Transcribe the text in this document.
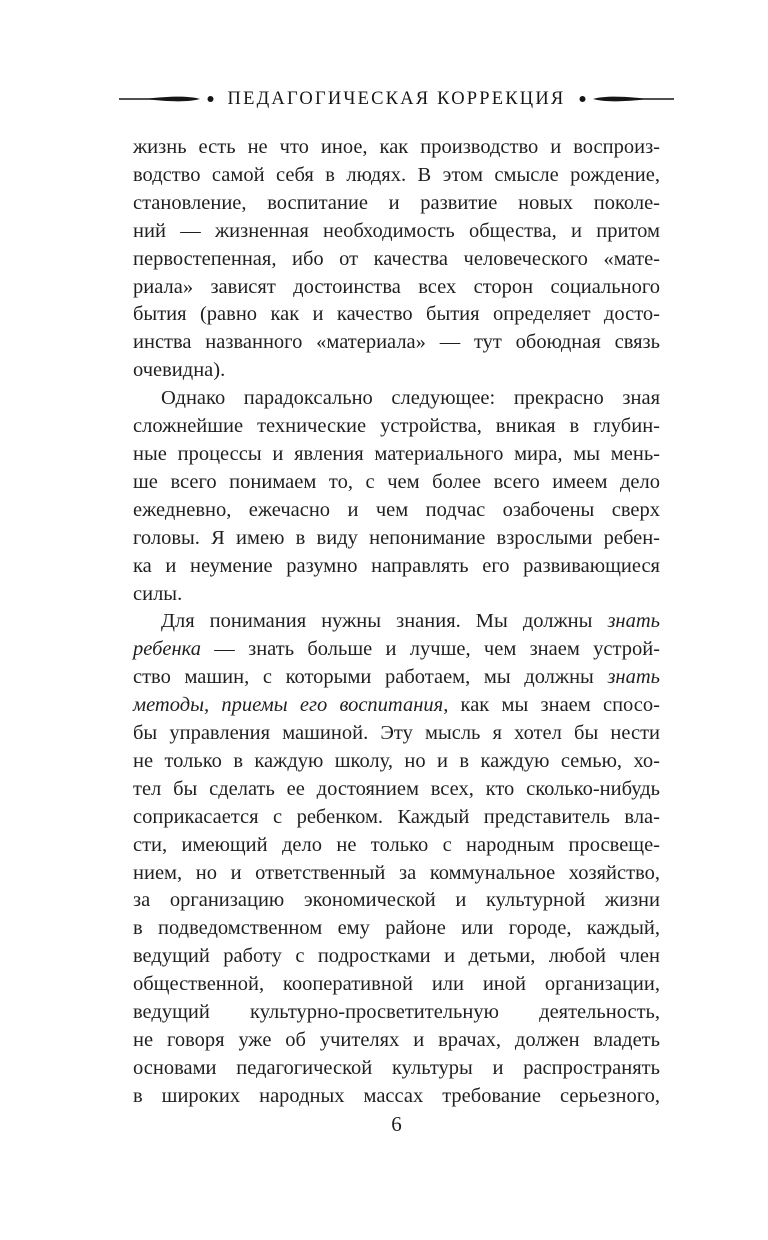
ПЕДАГОГИЧЕСКАЯ КОРРЕКЦИЯ
жизнь есть не что иное, как производство и воспроиз-
водство самой себя в людях. В этом смысле рождение,
становление, воспитание и развитие новых поколе-
ний — жизненная необходимость общества, и притом
первостепенная, ибо от качества человеческого «мате-
риала» зависят достоинства всех сторон социального
бытия (равно как и качество бытия определяет досто-
инства названного «материала» — тут обоюдная связь
очевидна).
Однако парадоксально следующее: прекрасно зная
сложнейшие технические устройства, вникая в глубин-
ные процессы и явления материального мира, мы мень-
ше всего понимаем то, с чем более всего имеем дело
ежедневно, ежечасно и чем подчас озабочены сверх
головы. Я имею в виду непонимание взрослыми ребен-
ка и неумение разумно направлять его развивающиеся
силы.
Для понимания нужны знания. Мы должны знать
ребенка — знать больше и лучше, чем знаем устрой-
ство машин, с которыми работаем, мы должны знать
методы, приемы его воспитания, как мы знаем спосо-
бы управления машиной. Эту мысль я хотел бы нести
не только в каждую школу, но и в каждую семью, хо-
тел бы сделать ее достоянием всех, кто сколько-нибудь
соприкасается с ребенком. Каждый представитель вла-
сти, имеющий дело не только с народным просвеще-
нием, но и ответственный за коммунальное хозяйство,
за организацию экономической и культурной жизни
в подведомственном ему районе или городе, каждый,
ведущий работу с подростками и детьми, любой член
общественной, кооперативной или иной организации,
ведущий культурно-просветительную деятельность,
не говоря уже об учителях и врачах, должен владеть
основами педагогической культуры и распространять
в широких народных массах требование серьезного,
6
